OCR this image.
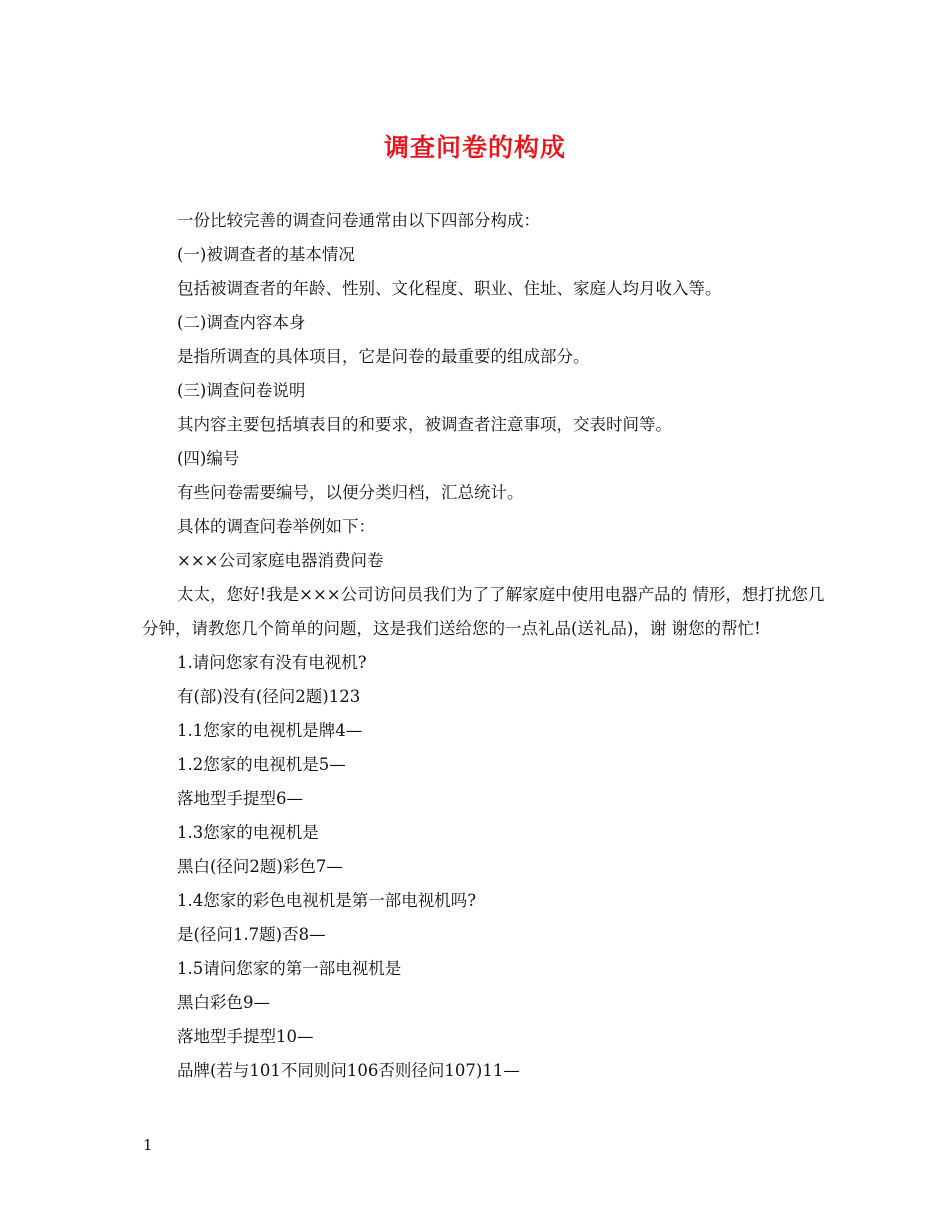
调查问卷的构成

一份比较完善的调查问卷通常由以下四部分构成：

(一)被调查者的基本情况

包括被调查者的年龄、性别、文化程度、职业、住址、家庭人均月收入等。

(二)调查内容本身

是指所调查的具体项目，它是问卷的最重要的组成部分。

(三)调查问卷说明

其内容主要包括填表目的和要求，被调查者注意事项，交表时间等。

(四)编号

有些问卷需要编号，以便分类归档，汇总统计。

具体的调查问卷举例如下：

×××公司家庭电器消费问卷

太太，您好!我是×××公司访问员我们为了了解家庭中使用电器产品的 情形，想打扰您几分钟，请教您几个简单的问题，这是我们送给您的一点礼品(送礼品)，谢 谢您的帮忙!

1.请问您家有没有电视机?

有(部)没有(径问2题)123

1.1您家的电视机是牌4—

1.2您家的电视机是5—

落地型手提型6—

1.3您家的电视机是

黑白(径问2题)彩色7—

1.4您家的彩色电视机是第一部电视机吗?

是(径问1.7题)否8—

1.5请问您家的第一部电视机是

黑白彩色9—

落地型手提型10—

品牌(若与101不同则问106否则径问107)11—

1
